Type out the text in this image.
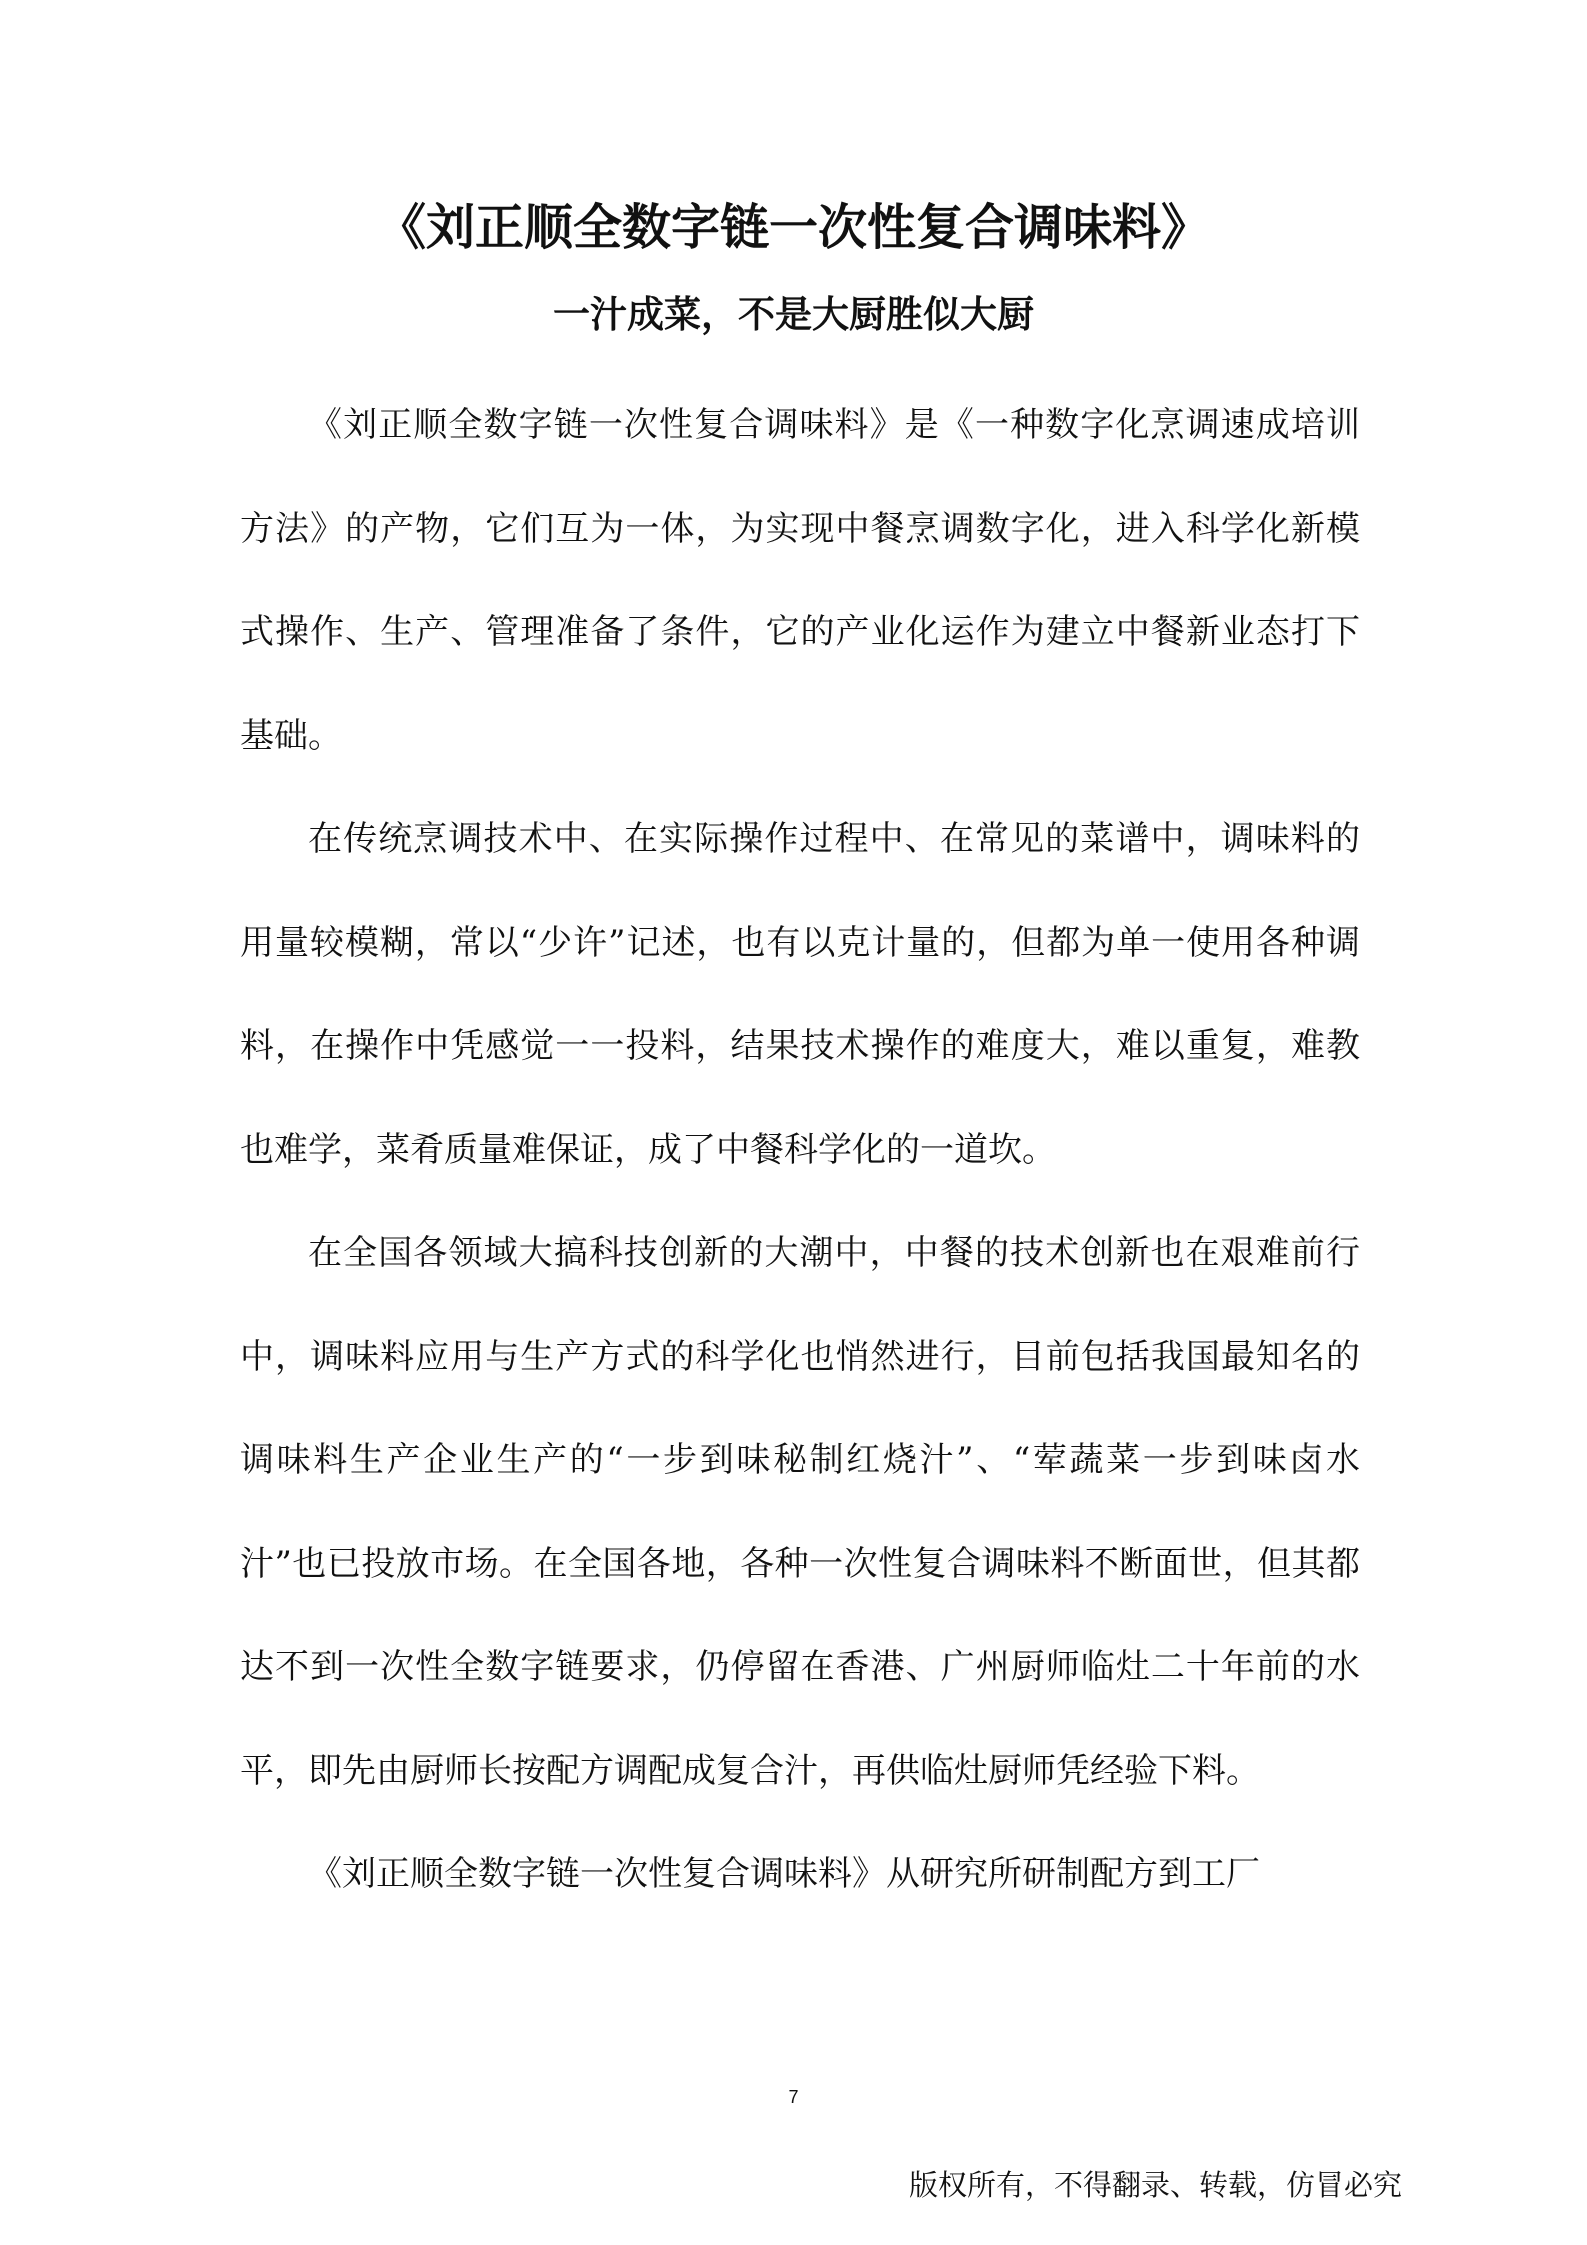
《刘正顺全数字链一次性复合调味料》
一汁成菜，不是大厨胜似大厨

《刘正顺全数字链一次性复合调味料》是《一种数字化烹调速成培训方法》的产物，它们互为一体，为实现中餐烹调数字化，进入科学化新模式操作、生产、管理准备了条件，它的产业化运作为建立中餐新业态打下基础。

在传统烹调技术中、在实际操作过程中、在常见的菜谱中，调味料的用量较模糊，常以“少许”记述，也有以克计量的，但都为单一使用各种调料，在操作中凭感觉一一投料，结果技术操作的难度大，难以重复，难教也难学，菜肴质量难保证，成了中餐科学化的一道坎。

在全国各领域大搞科技创新的大潮中，中餐的技术创新也在艰难前行中，调味料应用与生产方式的科学化也悄然进行，目前包括我国最知名的调味料生产企业生产的“一步到味秘制红烧汁”、“荤蔬菜一步到味卤水汁”也已投放市场。在全国各地，各种一次性复合调味料不断面世，但其都达不到一次性全数字链要求，仍停留在香港、广州厨师临灶二十年前的水平，即先由厨师长按配方调配成复合汁，再供临灶厨师凭经验下料。

《刘正顺全数字链一次性复合调味料》从研究所研制配方到工厂

7
版权所有，不得翻录、转载，仿冒必究
